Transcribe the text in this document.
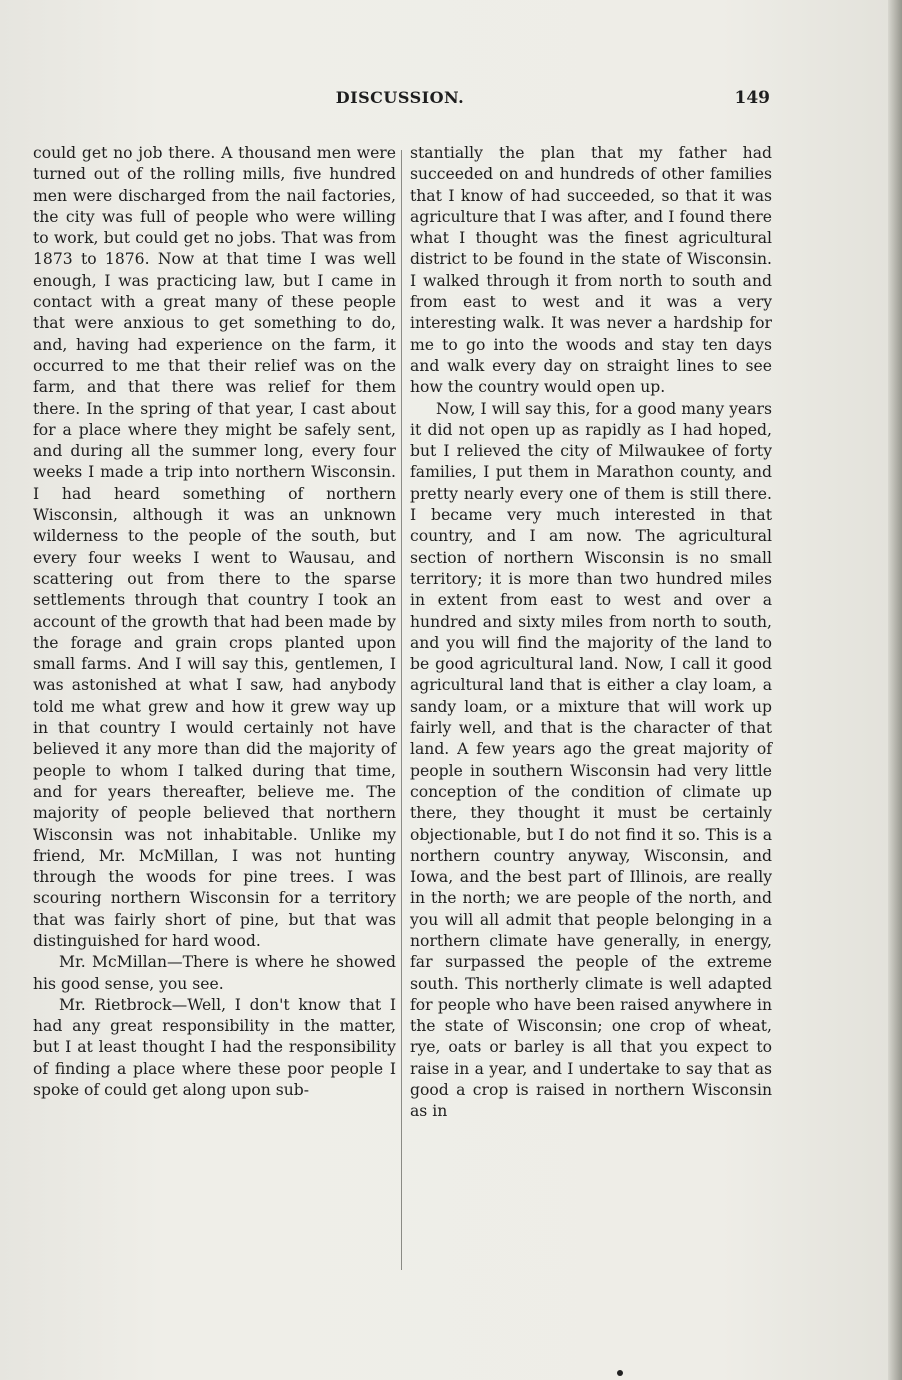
DISCUSSION.	149

could get no job there. A thousand men were turned out of the rolling mills, five hundred men were discharged from the nail factories, the city was full of people who were willing to work, but could get no jobs. That was from 1873 to 1876. Now at that time I was well enough, I was practicing law, but I came in contact with a great many of these people that were anxious to get something to do, and, having had experience on the farm, it occurred to me that their relief was on the farm, and that there was relief for them there. In the spring of that year, I cast about for a place where they might be safely sent, and during all the summer long, every four weeks I made a trip into northern Wisconsin. I had heard something of northern Wisconsin, although it was an unknown wilderness to the people of the south, but every four weeks I went to Wausau, and scattering out from there to the sparse settlements through that country I took an account of the growth that had been made by the forage and grain crops planted upon small farms. And I will say this, gentlemen, I was astonished at what I saw, had anybody told me what grew and how it grew way up in that country I would certainly not have believed it any more than did the majority of people to whom I talked during that time, and for years thereafter, believe me. The majority of people believed that northern Wisconsin was not inhabitable. Unlike my friend, Mr. McMillan, I was not hunting through the woods for pine trees. I was scouring northern Wisconsin for a territory that was fairly short of pine, but that was distinguished for hard wood.

Mr. McMillan—There is where he showed his good sense, you see.

Mr. Rietbrock—Well, I don't know that I had any great responsibility in the matter, but I at least thought I had the responsibility of finding a place where these poor people I spoke of could get along upon sub-

stantially the plan that my father had succeeded on and hundreds of other families that I know of had succeeded, so that it was agriculture that I was after, and I found there what I thought was the finest agricultural district to be found in the state of Wisconsin. I walked through it from north to south and from east to west and it was a very interesting walk. It was never a hardship for me to go into the woods and stay ten days and walk every day on straight lines to see how the country would open up.

Now, I will say this, for a good many years it did not open up as rapidly as I had hoped, but I relieved the city of Milwaukee of forty families, I put them in Marathon county, and pretty nearly every one of them is still there. I became very much interested in that country, and I am now. The agricultural section of northern Wisconsin is no small territory; it is more than two hundred miles in extent from east to west and over a hundred and sixty miles from north to south, and you will find the majority of the land to be good agricultural land. Now, I call it good agricultural land that is either a clay loam, a sandy loam, or a mixture that will work up fairly well, and that is the character of that land. A few years ago the great majority of people in southern Wisconsin had very little conception of the condition of climate up there, they thought it must be certainly objectionable, but I do not find it so. This is a northern country anyway, Wisconsin, and Iowa, and the best part of Illinois, are really in the north; we are people of the north, and you will all admit that people belonging in a northern climate have generally, in energy, far surpassed the people of the extreme south. This northerly climate is well adapted for people who have been raised anywhere in the state of Wisconsin; one crop of wheat, rye, oats or barley is all that you expect to raise in a year, and I undertake to say that as good a crop is raised in northern Wisconsin as in
